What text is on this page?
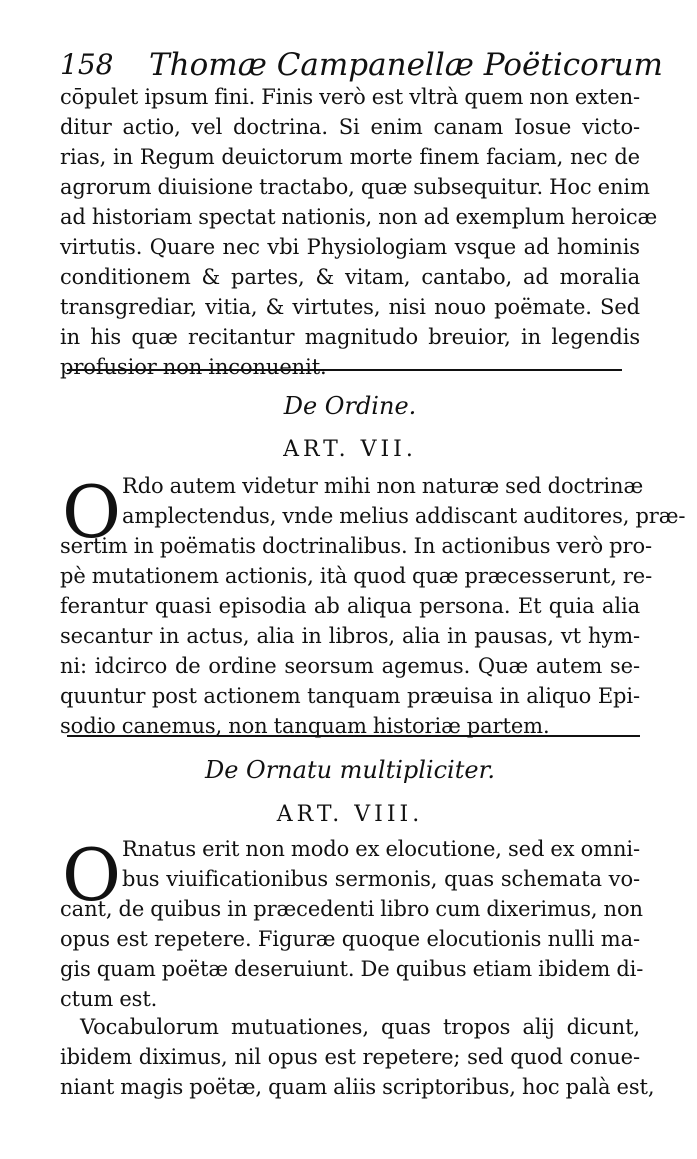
158 Thomæ Campanellæ Poëticorum
cōpulet ipsum fini. Finis verò est vltrà quem non exten-
ditur actio, vel doctrina. Si enim canam Iosue victo-
rias, in Regum deuictorum morte finem faciam, nec de
agrorum diuisione tractabo, quæ subsequitur. Hoc enim
ad historiam spectat nationis, non ad exemplum heroicæ
virtutis. Quare nec vbi Physiologiam vsque ad hominis
conditionem & partes, & vitam, cantabo, ad moralia
transgrediar, vitia, & virtutes, nisi nouo poëmate. Sed
in his quæ recitantur magnitudo breuior, in legendis
profusior non inconuenit.
De Ordine.
ART. VII.
O Rdo autem videtur mihi non naturæ sed doctrinæ
amplectendus, vnde melius addiscant auditores, præ-
sertim in poëmatis doctrinalibus. In actionibus verò pro-
pè mutationem actionis, ità quod quæ præcesserunt, re-
ferantur quasi episodia ab aliqua persona. Et quia alia
secantur in actus, alia in libros, alia in pausas, vt hym-
ni: idcirco de ordine seorsum agemus. Quæ autem se-
quuntur post actionem tanquam præuisa in aliquo Epi-
sodio canemus, non tanquam historiæ partem.
De Ornatu multipliciter.
ART. VIII.
O Rnatus erit non modo ex elocutione, sed ex omni-
bus viuificationibus sermonis, quas schemata vo-
cant, de quibus in præcedenti libro cum dixerimus, non
opus est repetere. Figuræ quoque elocutionis nulli ma-
gis quam poëtæ deseruiunt. De quibus etiam ibidem di-
ctum est.
Vocabulorum mutuationes, quas tropos alij dicunt,
ibidem diximus, nil opus est repetere; sed quod conue-
niant magis poëtæ, quam aliis scriptoribus, hoc palà est,
